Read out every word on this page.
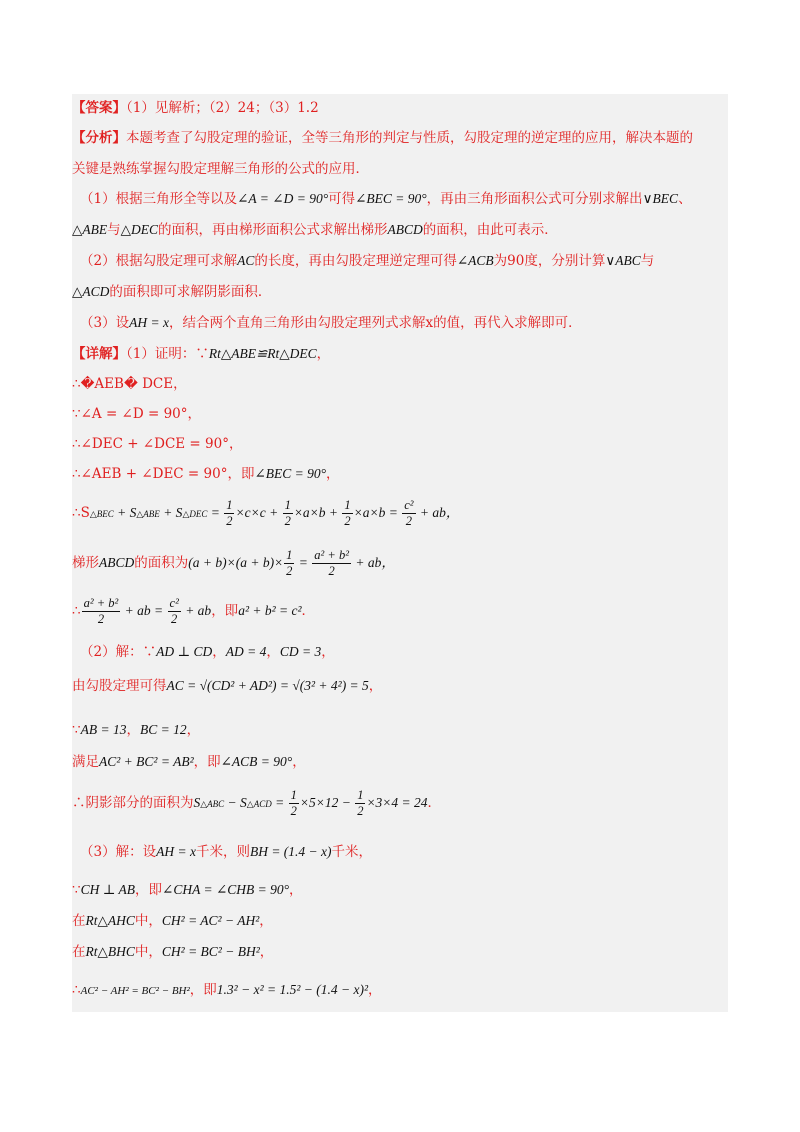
【答案】（1）见解析；（2）24；（3）1.2
【分析】本题考查了勾股定理的验证，全等三角形的判定与性质，勾股定理的逆定理的应用，解决本题的
关键是熟练掌握勾股定理解三角形的公式的应用．
（1）根据三角形全等以及∠A = ∠D = 90°可得∠BEC = 90°，再由三角形面积公式可分别求解出∨BEC、
△ABE与△DEC的面积，再由梯形面积公式求解出梯形ABCD的面积，由此可表示．
（2）根据勾股定理可求解AC的长度，再由勾股定理逆定理可得∠ACB为90度，分别计算∨ABC与
△ACD的面积即可求解阴影面积．
（3）设AH = x，结合两个直角三角形由勾股定理列式求解x的值，再代入求解即可．
【详解】（1）证明：∵Rt△ABE≌Rt△DEC，
∴�AEB� DCE，
∵∠A = ∠D = 90°，
∴∠DEC + ∠DCE = 90°，
∴∠AEB + ∠DEC = 90°，即∠BEC = 90°，
∴S△BEC + S△ABE + S△DEC = $\frac{1}{2} \times c\times c + \frac{1}{2} \times a\times b + \frac{1}{2} \times a\times b = \frac{\text{c²}}{2}$ + ab，
梯形ABCD的面积为$(a + b)\times(a + b)\times \frac{1}{2} = \frac{\text{a² + b²}}{2}$ + ab，
∴ $\frac{\text{a² + b²}}{2}$ + ab = $\frac{\text{c²}}{2}$ + ab，即a² + b² = c²．
（2）解：∵AD ⊥ CD，AD = 4，CD = 3，
由勾股定理可得AC = √(CD² + AD²) = √(3² + 4²) = 5，
∵AB = 13，BC = 12，
满足AC² + BC² = AB²，即∠ACB = 90°，
∴阴影部分的面积为S△ABC − S△ACD = $\frac{1}{2} \times 5\times 12 - \frac{1}{2} \times 3\times 4 = 24$．
（3）解：设AH = x千米，则BH = (1.4 − x)千米，
∵CH ⊥ AB，即∠CHA = ∠CHB = 90°，
在Rt△AHC中，CH² = AC² − AH²，
在Rt△BHC中，CH² = BC² − BH²，
∴AC² − AH² = BC² − BH²，即1.3² − x² = 1.5² − (1.4 − x)²，
